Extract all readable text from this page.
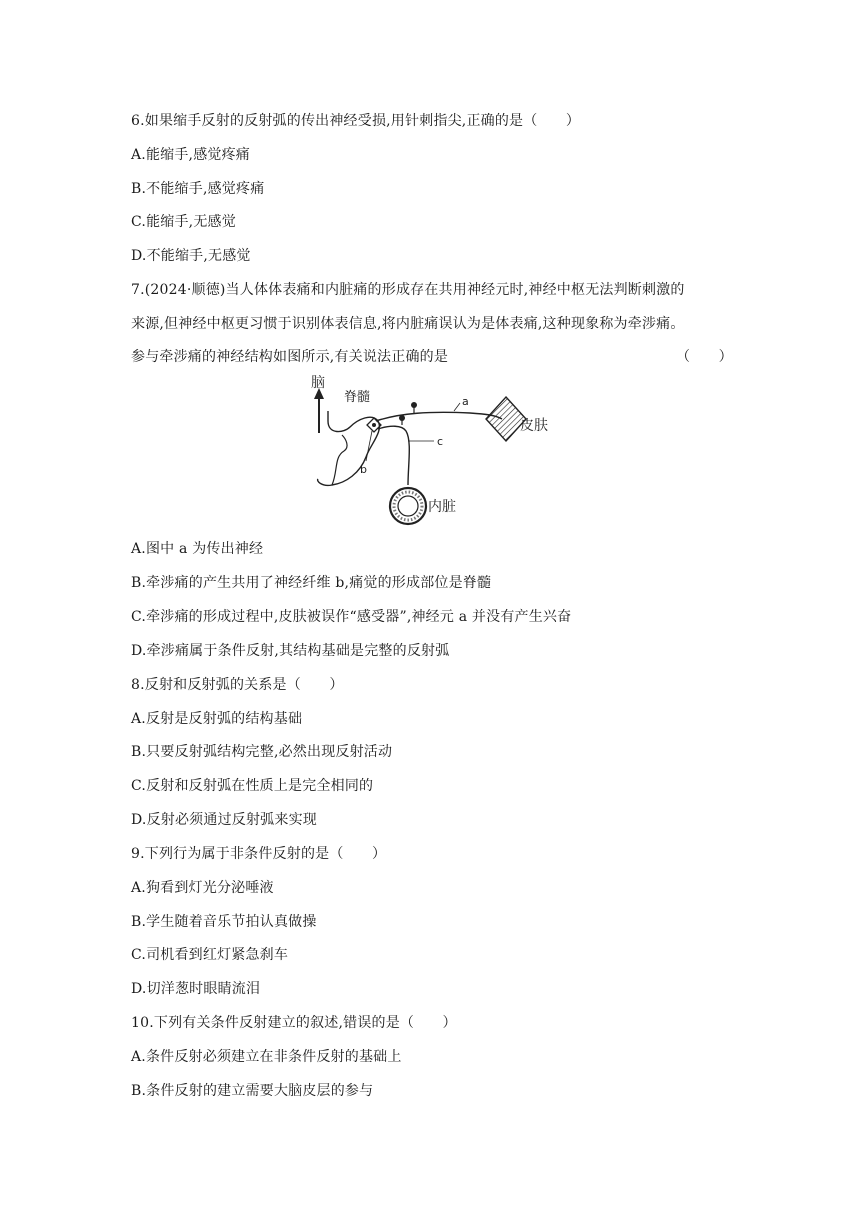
6.如果缩手反射的反射弧的传出神经受损,用针刺指尖,正确的是（　　）
A.能缩手,感觉疼痛
B.不能缩手,感觉疼痛
C.能缩手,无感觉
D.不能缩手,无感觉
7.(2024·顺德)当人体体表痛和内脏痛的形成存在共用神经元时,神经中枢无法判断刺激的
来源,但神经中枢更习惯于识别体表信息,将内脏痛误认为是体表痛,这种现象称为牵涉痛。
参与牵涉痛的神经结构如图所示,有关说法正确的是	（　　）
脑
脊髓	a
皮肤
c
b
内脏
A.图中 a 为传出神经
B.牵涉痛的产生共用了神经纤维 b,痛觉的形成部位是脊髓
C.牵涉痛的形成过程中,皮肤被误作“感受器”,神经元 a 并没有产生兴奋
D.牵涉痛属于条件反射,其结构基础是完整的反射弧
8.反射和反射弧的关系是（　　）
A.反射是反射弧的结构基础
B.只要反射弧结构完整,必然出现反射活动
C.反射和反射弧在性质上是完全相同的
D.反射必须通过反射弧来实现
9.下列行为属于非条件反射的是（　　）
A.狗看到灯光分泌唾液
B.学生随着音乐节拍认真做操
C.司机看到红灯紧急刹车
D.切洋葱时眼睛流泪
10.下列有关条件反射建立的叙述,错误的是（　　）
A.条件反射必须建立在非条件反射的基础上
B.条件反射的建立需要大脑皮层的参与
